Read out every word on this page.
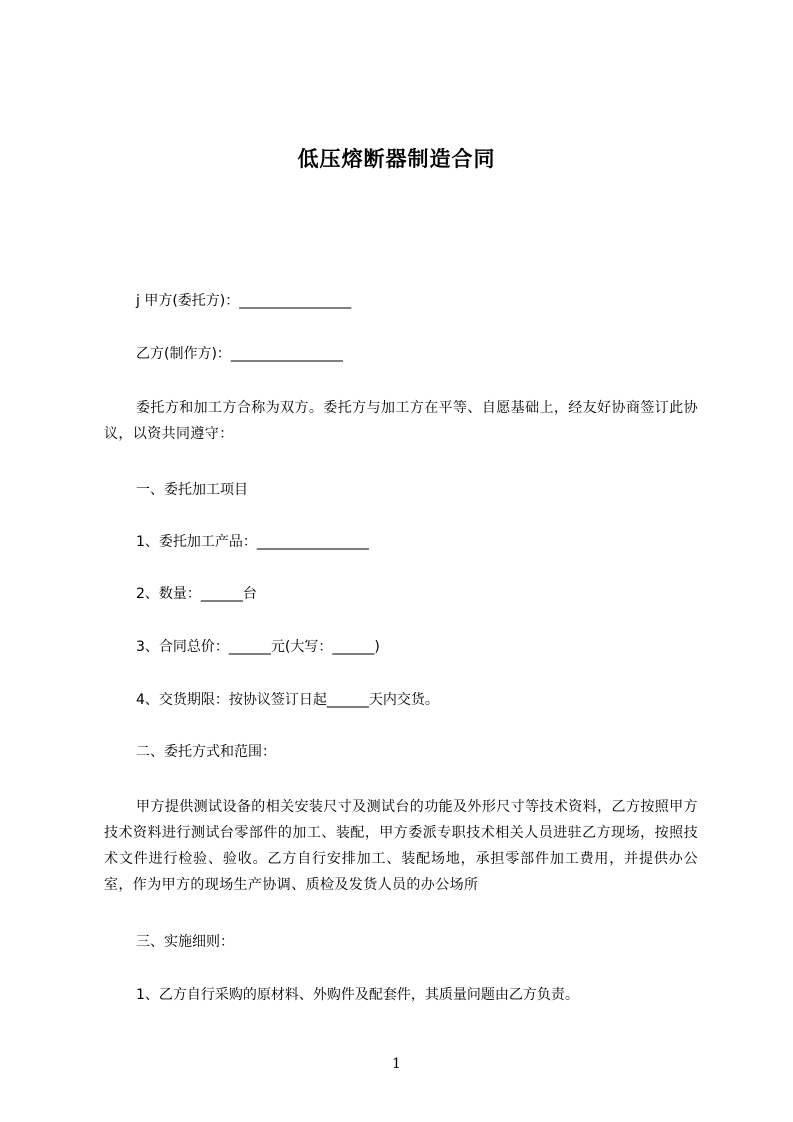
低压熔断器制造合同
j 甲方(委托方)：________________
乙方(制作方)：________________
委托方和加工方合称为双方。委托方与加工方在平等、自愿基础上，经友好协商签订此协议，以资共同遵守：
一、委托加工项目
1、委托加工产品：________________
2、数量：______台
3、合同总价：______元(大写：______)
4、交货期限：按协议签订日起______天内交货。
二、委托方式和范围：
甲方提供测试设备的相关安装尺寸及测试台的功能及外形尺寸等技术资料，乙方按照甲方技术资料进行测试台零部件的加工、装配，甲方委派专职技术相关人员进驻乙方现场，按照技术文件进行检验、验收。乙方自行安排加工、装配场地，承担零部件加工费用，并提供办公室，作为甲方的现场生产协调、质检及发货人员的办公场所
三、实施细则：
1、乙方自行采购的原材料、外购件及配套件，其质量问题由乙方负责。
1
